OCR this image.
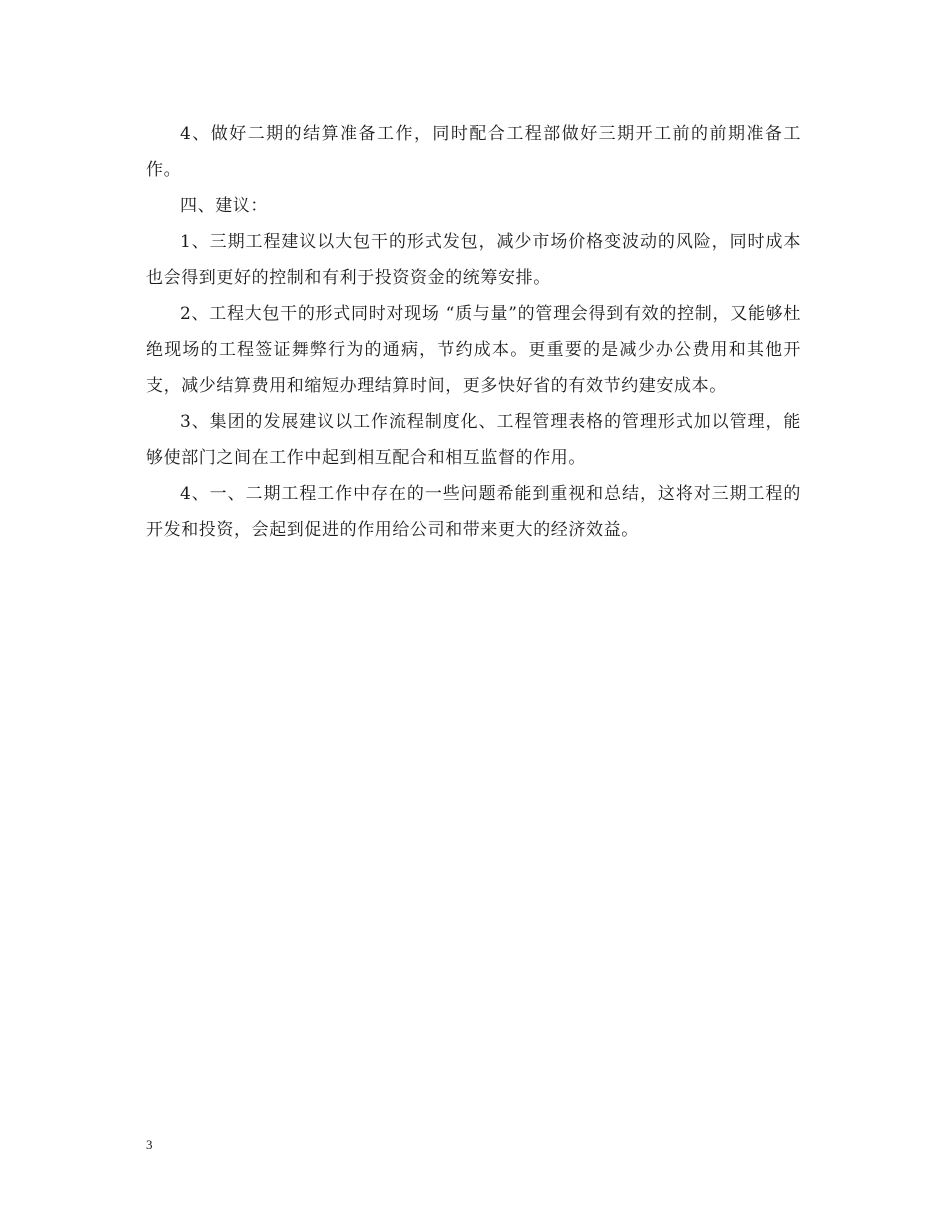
4、做好二期的结算准备工作，同时配合工程部做好三期开工前的前期准备工作。

四、建议：

1、三期工程建议以大包干的形式发包，减少市场价格变波动的风险，同时成本也会得到更好的控制和有利于投资资金的统筹安排。

2、工程大包干的形式同时对现场 “质与量”的管理会得到有效的控制，又能够杜绝现场的工程签证舞弊行为的通病，节约成本。更重要的是减少办公费用和其他开支，减少结算费用和缩短办理结算时间，更多快好省的有效节约建安成本。

3、集团的发展建议以工作流程制度化、工程管理表格的管理形式加以管理，能够使部门之间在工作中起到相互配合和相互监督的作用。

4、一、二期工程工作中存在的一些问题希能到重视和总结，这将对三期工程的开发和投资，会起到促进的作用给公司和带来更大的经济效益。

3
